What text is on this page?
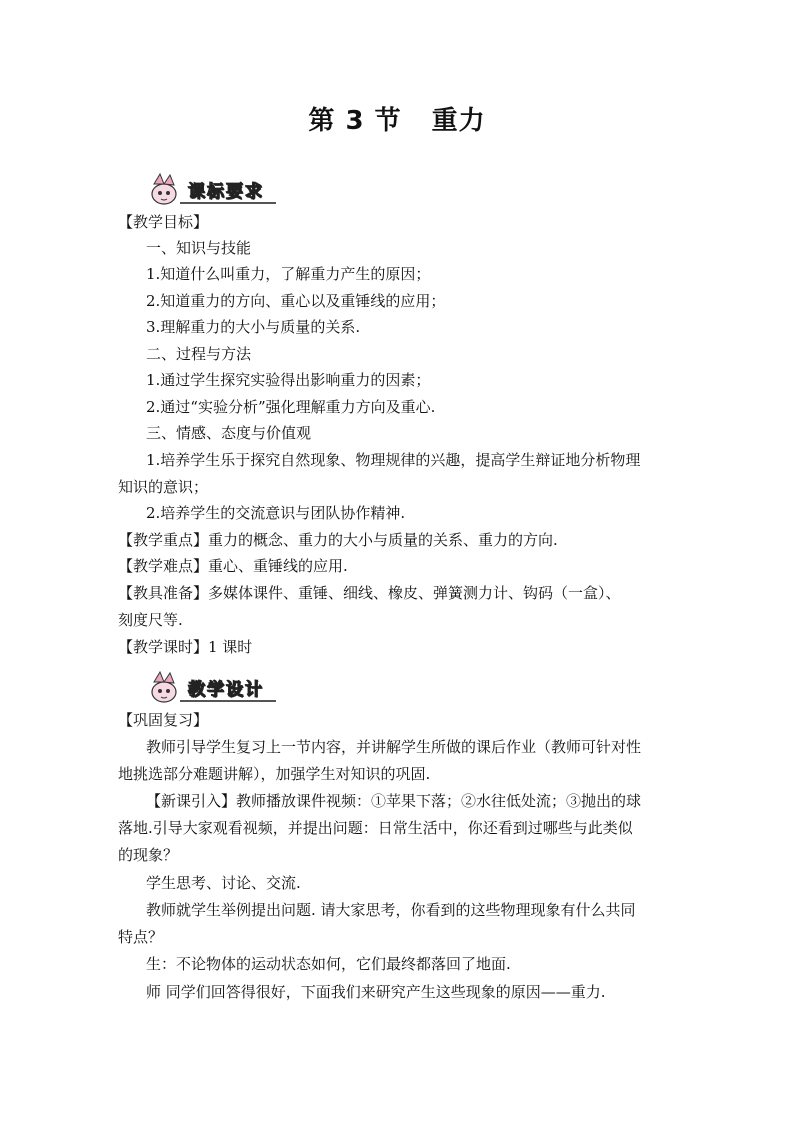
第 3 节 重力
课标要求
【教学目标】
一、知识与技能
1.知道什么叫重力，了解重力产生的原因；
2.知道重力的方向、重心以及重锤线的应用；
3.理解重力的大小与质量的关系.
二、过程与方法
1.通过学生探究实验得出影响重力的因素；
2.通过“实验分析”强化理解重力方向及重心.
三、情感、态度与价值观
1.培养学生乐于探究自然现象、物理规律的兴趣，提高学生辩证地分析物理
知识的意识；
2.培养学生的交流意识与团队协作精神.
【教学重点】重力的概念、重力的大小与质量的关系、重力的方向.
【教学难点】重心、重锤线的应用.
【教具准备】多媒体课件、重锤、细线、橡皮、弹簧测力计、钩码（一盒）、
刻度尺等.
【教学课时】1 课时
教学设计
【巩固复习】
教师引导学生复习上一节内容，并讲解学生所做的课后作业（教师可针对性
地挑选部分难题讲解），加强学生对知识的巩固.
【新课引入】教师播放课件视频：①苹果下落；②水往低处流；③抛出的球
落地.引导大家观看视频，并提出问题：日常生活中，你还看到过哪些与此类似
的现象？
学生思考、讨论、交流.
教师就学生举例提出问题. 请大家思考，你看到的这些物理现象有什么共同
特点？
生：不论物体的运动状态如何，它们最终都落回了地面.
师 同学们回答得很好，下面我们来研究产生这些现象的原因——重力.
